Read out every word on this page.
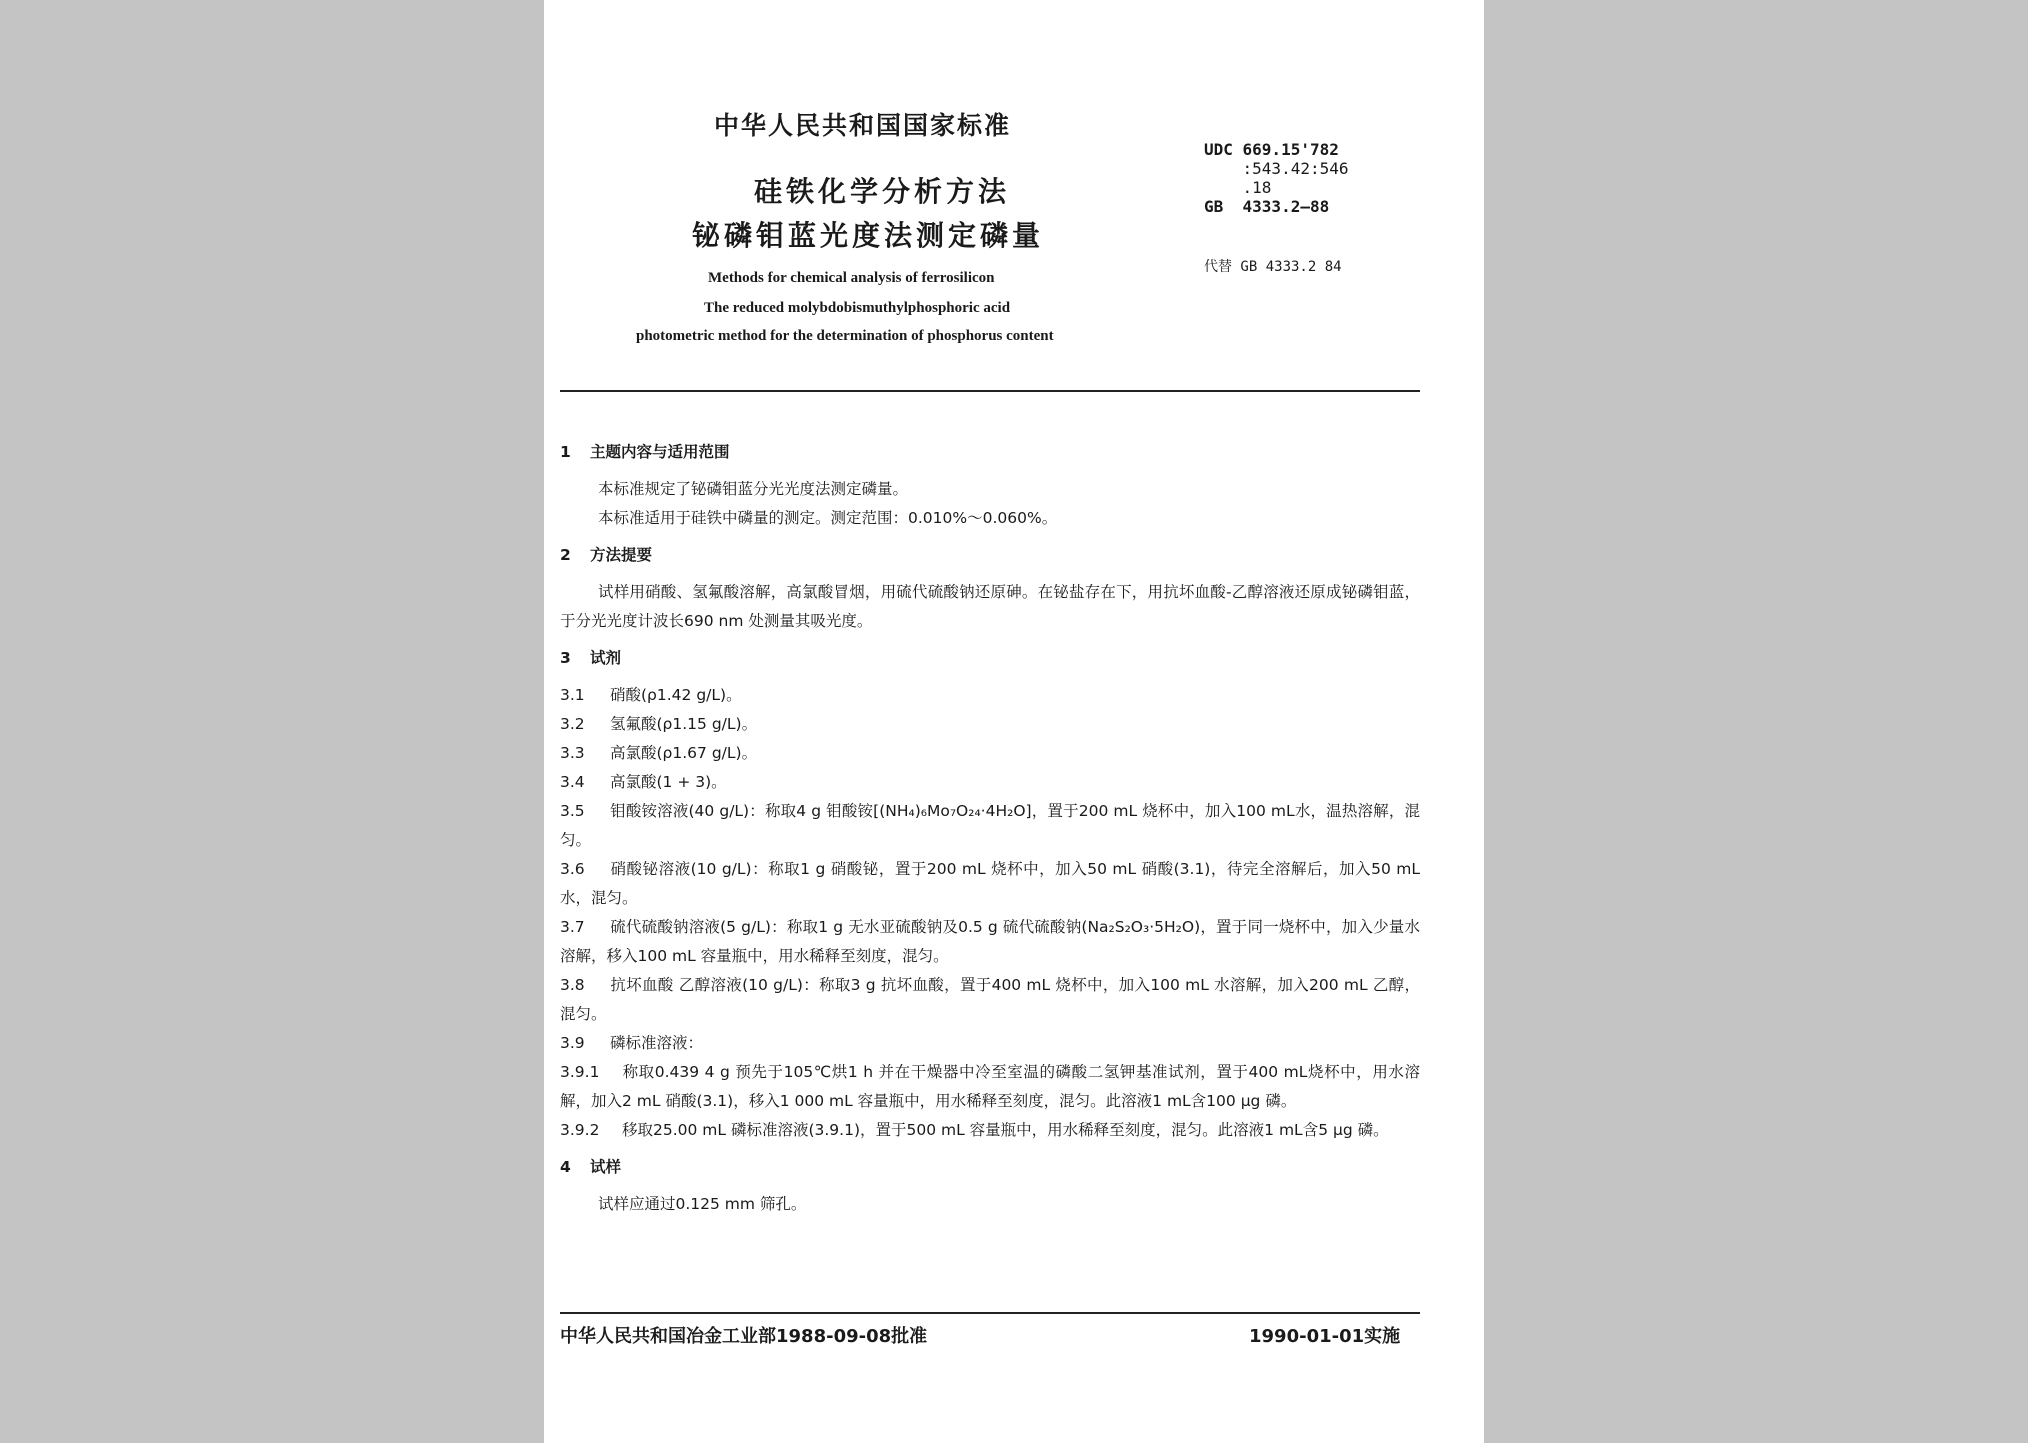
中华人民共和国国家标准
硅铁化学分析方法
铋磷钼蓝光度法测定磷量
Methods for chemical analysis of ferrosilicon
The reduced molybdobismuthylphosphoric acid
photometric method for the determination of phosphorus content
UDC 669.15'782
:543.42:546
.18
GB  4333.2—88
代替 GB 4333.2 84
1 主题内容与适用范围
本标准规定了铋磷钼蓝分光光度法测定磷量。
本标准适用于硅铁中磷量的测定。测定范围：0.010%～0.060%。
2 方法提要
试样用硝酸、氢氟酸溶解，高氯酸冒烟，用硫代硫酸钠还原砷。在铋盐存在下，用抗坏血酸-乙醇溶液还原成铋磷钼蓝，于分光光度计波长690 nm 处测量其吸光度。
3 试剂
3.1 硝酸(ρ1.42 g/L)。
3.2 氢氟酸(ρ1.15 g/L)。
3.3 高氯酸(ρ1.67 g/L)。
3.4 高氯酸(1 + 3)。
3.5 钼酸铵溶液(40 g/L)：称取4 g 钼酸铵[(NH₄)₆Mo₇O₂₄·4H₂O]，置于200 mL 烧杯中，加入100 mL水，温热溶解，混匀。
3.6 硝酸铋溶液(10 g/L)：称取1 g 硝酸铋，置于200 mL 烧杯中，加入50 mL 硝酸(3.1)，待完全溶解后，加入50 mL 水，混匀。
3.7 硫代硫酸钠溶液(5 g/L)：称取1 g 无水亚硫酸钠及0.5 g 硫代硫酸钠(Na₂S₂O₃·5H₂O)，置于同一烧杯中，加入少量水溶解，移入100 mL 容量瓶中，用水稀释至刻度，混匀。
3.8 抗坏血酸 乙醇溶液(10 g/L)：称取3 g 抗坏血酸，置于400 mL 烧杯中，加入100 mL 水溶解，加入200 mL 乙醇，混匀。
3.9 磷标准溶液：
3.9.1 称取0.439 4 g 预先于105℃烘1 h 并在干燥器中冷至室温的磷酸二氢钾基准试剂，置于400 mL烧杯中，用水溶解，加入2 mL 硝酸(3.1)，移入1 000 mL 容量瓶中，用水稀释至刻度，混匀。此溶液1 mL含100 μg 磷。
3.9.2 移取25.00 mL 磷标准溶液(3.9.1)，置于500 mL 容量瓶中，用水稀释至刻度，混匀。此溶液1 mL含5 μg 磷。
4 试样
试样应通过0.125 mm 筛孔。
中华人民共和国冶金工业部1988-09-08批准	1990-01-01实施
